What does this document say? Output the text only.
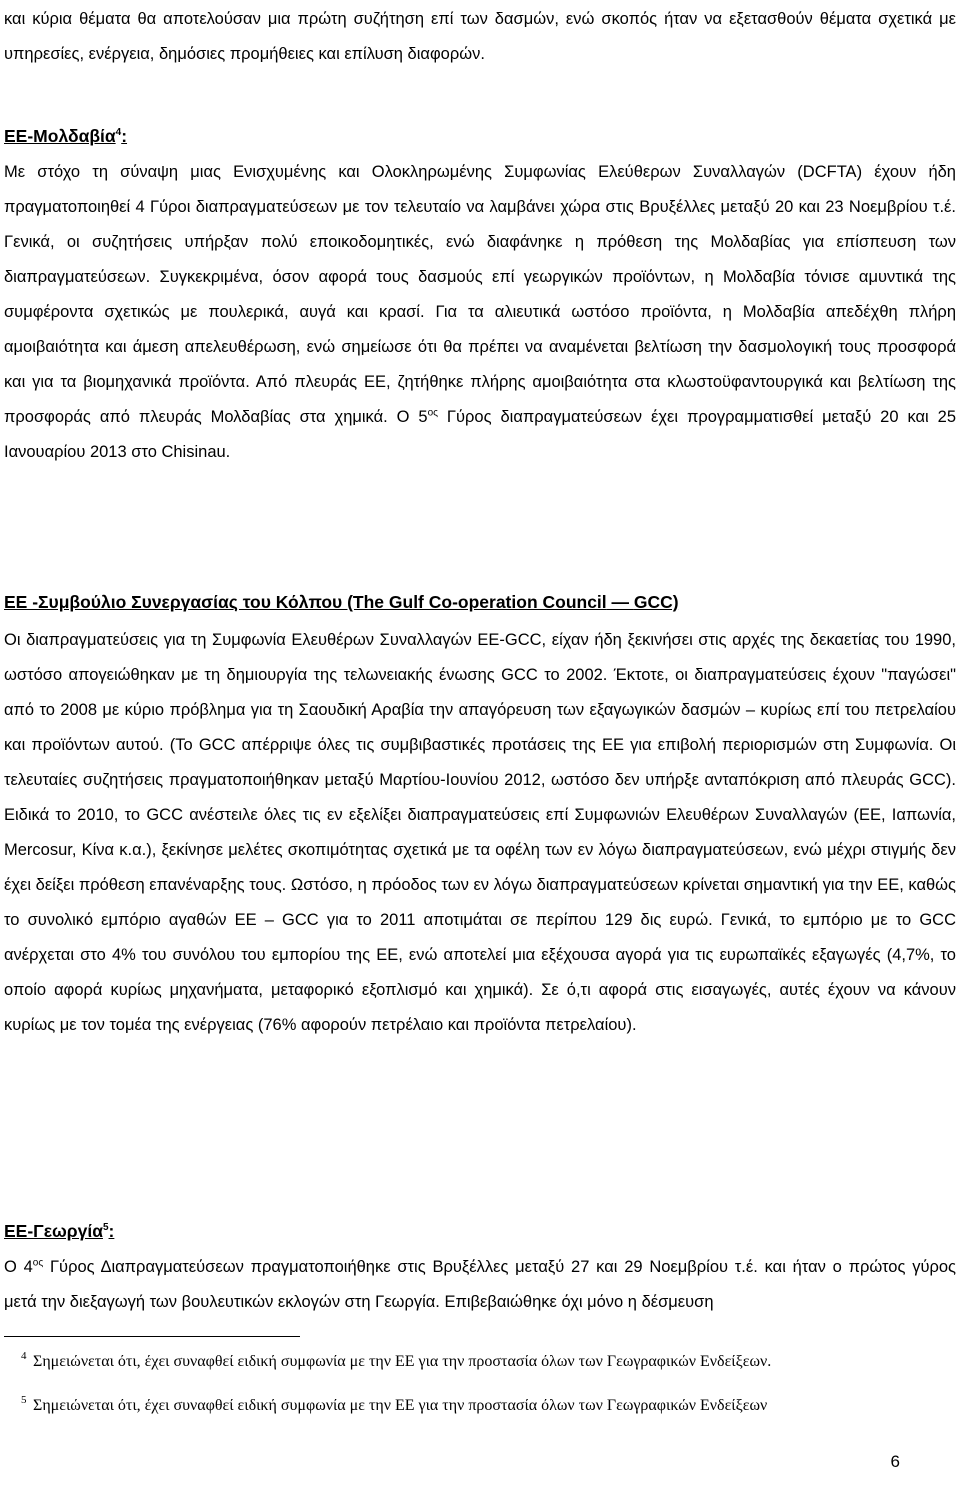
και κύρια θέματα θα αποτελούσαν μια πρώτη συζήτηση επί των δασμών, ενώ σκοπός ήταν να εξετασθούν θέματα σχετικά με υπηρεσίες, ενέργεια, δημόσιες προμήθειες και επίλυση διαφορών.

ΕΕ-Μολδαβία$^4$:

Με στόχο τη σύναψη μιας Ενισχυμένης και Ολοκληρωμένης Συμφωνίας Ελεύθερων Συναλλαγών (DCFTA) έχουν ήδη πραγματοποιηθεί 4 Γύροι διαπραγματεύσεων με τον τελευταίο να λαμβάνει χώρα στις Βρυξέλλες μεταξύ 20 και 23 Νοεμβρίου τ.έ. Γενικά, οι συζητήσεις υπήρξαν πολύ εποικοδομητικές, ενώ διαφάνηκε η πρόθεση της Μολδαβίας για επίσπευση των διαπραγματεύσεων. Συγκεκριμένα, όσον αφορά τους δασμούς επί γεωργικών προϊόντων, η Μολδαβία τόνισε αμυντικά της συμφέροντα σχετικώς με πουλερικά, αυγά και κρασί. Για τα αλιευτικά ωστόσο προϊόντα, η Μολδαβία απεδέχθη πλήρη αμοιβαιότητα και άμεση απελευθέρωση, ενώ σημείωσε ότι θα πρέπει να αναμένεται βελτίωση την δασμολογική τους προσφορά και για τα βιομηχανικά προϊόντα. Από πλευράς ΕΕ, ζητήθηκε πλήρης αμοιβαιότητα στα κλωστοϋφαντουργικά και βελτίωση της προσφοράς από πλευράς Μολδαβίας στα χημικά. Ο $5^{o\varsigma}$ Γύρος διαπραγματεύσεων έχει προγραμματισθεί μεταξύ 20 και 25 Ιανουαρίου 2013 στο Chisinau.

ΕΕ -Συμβούλιο Συνεργασίας του Κόλπου (The Gulf Co-operation Council — GCC)

Οι διαπραγματεύσεις για τη Συμφωνία Ελευθέρων Συναλλαγών ΕΕ-GCC, είχαν ήδη ξεκινήσει στις αρχές της δεκαετίας του 1990, ωστόσο απογειώθηκαν με τη δημιουργία της τελωνειακής ένωσης GCC το 2002. Έκτοτε, οι διαπραγματεύσεις έχουν "παγώσει" από το 2008 με κύριο πρόβλημα για τη Σαουδική Αραβία την απαγόρευση των εξαγωγικών δασμών – κυρίως επί του πετρελαίου και προϊόντων αυτού. (Το GCC απέρριψε όλες τις συμβιβαστικές προτάσεις της ΕΕ για επιβολή περιορισμών στη Συμφωνία. Οι τελευταίες συζητήσεις πραγματοποιήθηκαν μεταξύ Μαρτίου-Ιουνίου 2012, ωστόσο δεν υπήρξε ανταπόκριση από πλευράς GCC). Ειδικά το 2010, το GCC ανέστειλε όλες τις εν εξελίξει διαπραγματεύσεις επί Συμφωνιών Ελευθέρων Συναλλαγών (ΕΕ, Ιαπωνία, Mercosur, Κίνα κ.α.), ξεκίνησε μελέτες σκοπιμότητας σχετικά με τα οφέλη των εν λόγω διαπραγματεύσεων, ενώ μέχρι στιγμής δεν έχει δείξει πρόθεση επανέναρξης τους. Ωστόσο, η πρόοδος των εν λόγω διαπραγματεύσεων κρίνεται σημαντική για την ΕΕ, καθώς το συνολικό εμπόριο αγαθών ΕΕ – GCC για το 2011 αποτιμάται σε περίπου 129 δις ευρώ. Γενικά, το εμπόριο με το GCC ανέρχεται στο 4% του συνόλου του εμπορίου της ΕΕ, ενώ αποτελεί μια εξέχουσα αγορά για τις ευρωπαϊκές εξαγωγές (4,7%, το οποίο αφορά κυρίως μηχανήματα, μεταφορικό εξοπλισμό και χημικά). Σε ό,τι αφορά στις εισαγωγές, αυτές έχουν να κάνουν κυρίως με τον τομέα της ενέργειας (76% αφορούν πετρέλαιο και προϊόντα πετρελαίου).

ΕΕ-Γεωργία$^5$:

Ο $4^{o\varsigma}$ Γύρος Διαπραγματεύσεων πραγματοποιήθηκε στις Βρυξέλλες μεταξύ 27 και 29 Νοεμβρίου τ.έ. και ήταν ο πρώτος γύρος μετά την διεξαγωγή των βουλευτικών εκλογών στη Γεωργία. Επιβεβαιώθηκε όχι μόνο η δέσμευση

4 Σημειώνεται ότι, έχει συναφθεί ειδική συμφωνία με την ΕΕ για την προστασία όλων των Γεωγραφικών Ενδείξεων.

5 Σημειώνεται ότι, έχει συναφθεί ειδική συμφωνία με την ΕΕ για την προστασία όλων των Γεωγραφικών Ενδείξεων

6
